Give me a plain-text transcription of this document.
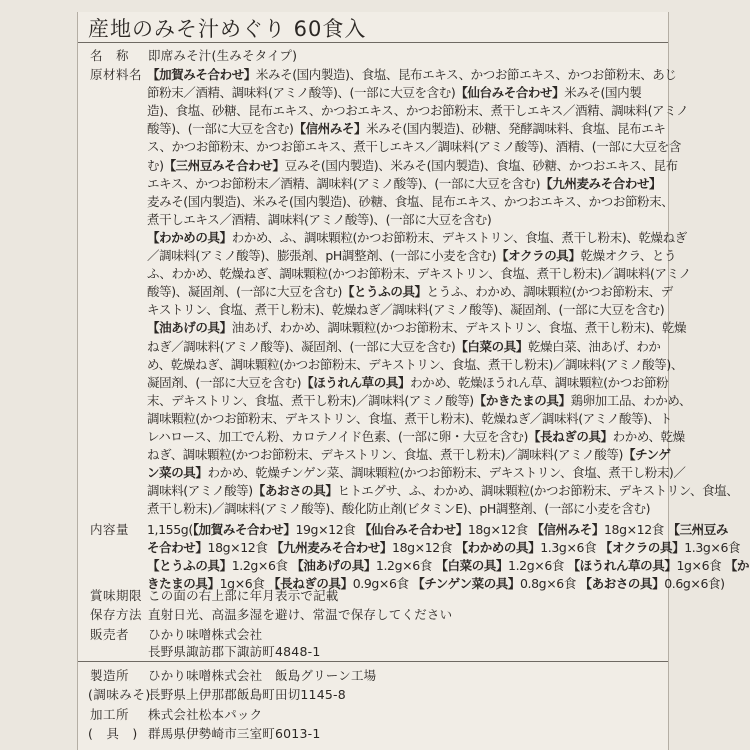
産地のみそ汁めぐり 60食入
名　称 即席みそ汁(生みそタイプ)
原材料名 【加賀みそ合わせ】米みそ(国内製造)、食塩、昆布エキス、かつお節エキス、かつお節粉末、あじ
節粉末／酒精、調味料(アミノ酸等)、(一部に大豆を含む)【仙台みそ合わせ】米みそ(国内製
造)、食塩、砂糖、昆布エキス、かつおエキス、かつお節粉末、煮干しエキス／酒精、調味料(アミノ
酸等)、(一部に大豆を含む)【信州みそ】米みそ(国内製造)、砂糖、発酵調味料、食塩、昆布エキ
ス、かつお節粉末、かつお節エキス、煮干しエキス／調味料(アミノ酸等)、酒精、(一部に大豆を含
む)【三州豆みそ合わせ】豆みそ(国内製造)、米みそ(国内製造)、食塩、砂糖、かつおエキス、昆布
エキス、かつお節粉末／酒精、調味料(アミノ酸等)、(一部に大豆を含む)【九州麦みそ合わせ】
麦みそ(国内製造)、米みそ(国内製造)、砂糖、食塩、昆布エキス、かつおエキス、かつお節粉末、
煮干しエキス／酒精、調味料(アミノ酸等)、(一部に大豆を含む)
【わかめの具】わかめ、ふ、調味顆粒(かつお節粉末、デキストリン、食塩、煮干し粉末)、乾燥ねぎ
／調味料(アミノ酸等)、膨張剤、pH調整剤、(一部に小麦を含む)【オクラの具】乾燥オクラ、とう
ふ、わかめ、乾燥ねぎ、調味顆粒(かつお節粉末、デキストリン、食塩、煮干し粉末)／調味料(アミノ
酸等)、凝固剤、(一部に大豆を含む)【とうふの具】とうふ、わかめ、調味顆粒(かつお節粉末、デ
キストリン、食塩、煮干し粉末)、乾燥ねぎ／調味料(アミノ酸等)、凝固剤、(一部に大豆を含む)
【油あげの具】油あげ、わかめ、調味顆粒(かつお節粉末、デキストリン、食塩、煮干し粉末)、乾燥
ねぎ／調味料(アミノ酸等)、凝固剤、(一部に大豆を含む)【白菜の具】乾燥白菜、油あげ、わか
め、乾燥ねぎ、調味顆粒(かつお節粉末、デキストリン、食塩、煮干し粉末)／調味料(アミノ酸等)、
凝固剤、(一部に大豆を含む)【ほうれん草の具】わかめ、乾燥ほうれん草、調味顆粒(かつお節粉
末、デキストリン、食塩、煮干し粉末)／調味料(アミノ酸等)【かきたまの具】鶏卵加工品、わかめ、
調味顆粒(かつお節粉末、デキストリン、食塩、煮干し粉末)、乾燥ねぎ／調味料(アミノ酸等)、ト
レハロース、加工でん粉、カロテノイド色素、(一部に卵・大豆を含む)【長ねぎの具】わかめ、乾燥
ねぎ、調味顆粒(かつお節粉末、デキストリン、食塩、煮干し粉末)／調味料(アミノ酸等)【チンゲ
ン菜の具】わかめ、乾燥チンゲン菜、調味顆粒(かつお節粉末、デキストリン、食塩、煮干し粉末)／
調味料(アミノ酸等)【あおさの具】ヒトエグサ、ふ、わかめ、調味顆粒(かつお節粉末、デキストリン、食塩、
煮干し粉末)／調味料(アミノ酸等)、酸化防止剤(ビタミンE)、pH調整剤、(一部に小麦を含む)
内容量 1,155g(【加賀みそ合わせ】19g×12食 【仙台みそ合わせ】18g×12食 【信州みそ】18g×12食 【三州豆み
そ合わせ】18g×12食 【九州麦みそ合わせ】18g×12食 【わかめの具】1.3g×6食 【オクラの具】1.3g×6食
【とうふの具】1.2g×6食 【油あげの具】1.2g×6食 【白菜の具】1.2g×6食 【ほうれん草の具】1g×6食 【か
きたまの具】1g×6食 【長ねぎの具】0.9g×6食 【チンゲン菜の具】0.8g×6食 【あおさの具】0.6g×6食)
賞味期限 この面の右上部に年月表示で記載
保存方法 直射日光、高温多湿を避け、常温で保存してください
販売者 ひかり味噌株式会社
長野県諏訪郡下諏訪町4848-1
製造所 ひかり味噌株式会社　飯島グリーン工場
(調味みそ)
長野県上伊那郡飯島町田切1145-8
加工所 株式会社松本パック
(　具　) 群馬県伊勢崎市三室町6013-1
